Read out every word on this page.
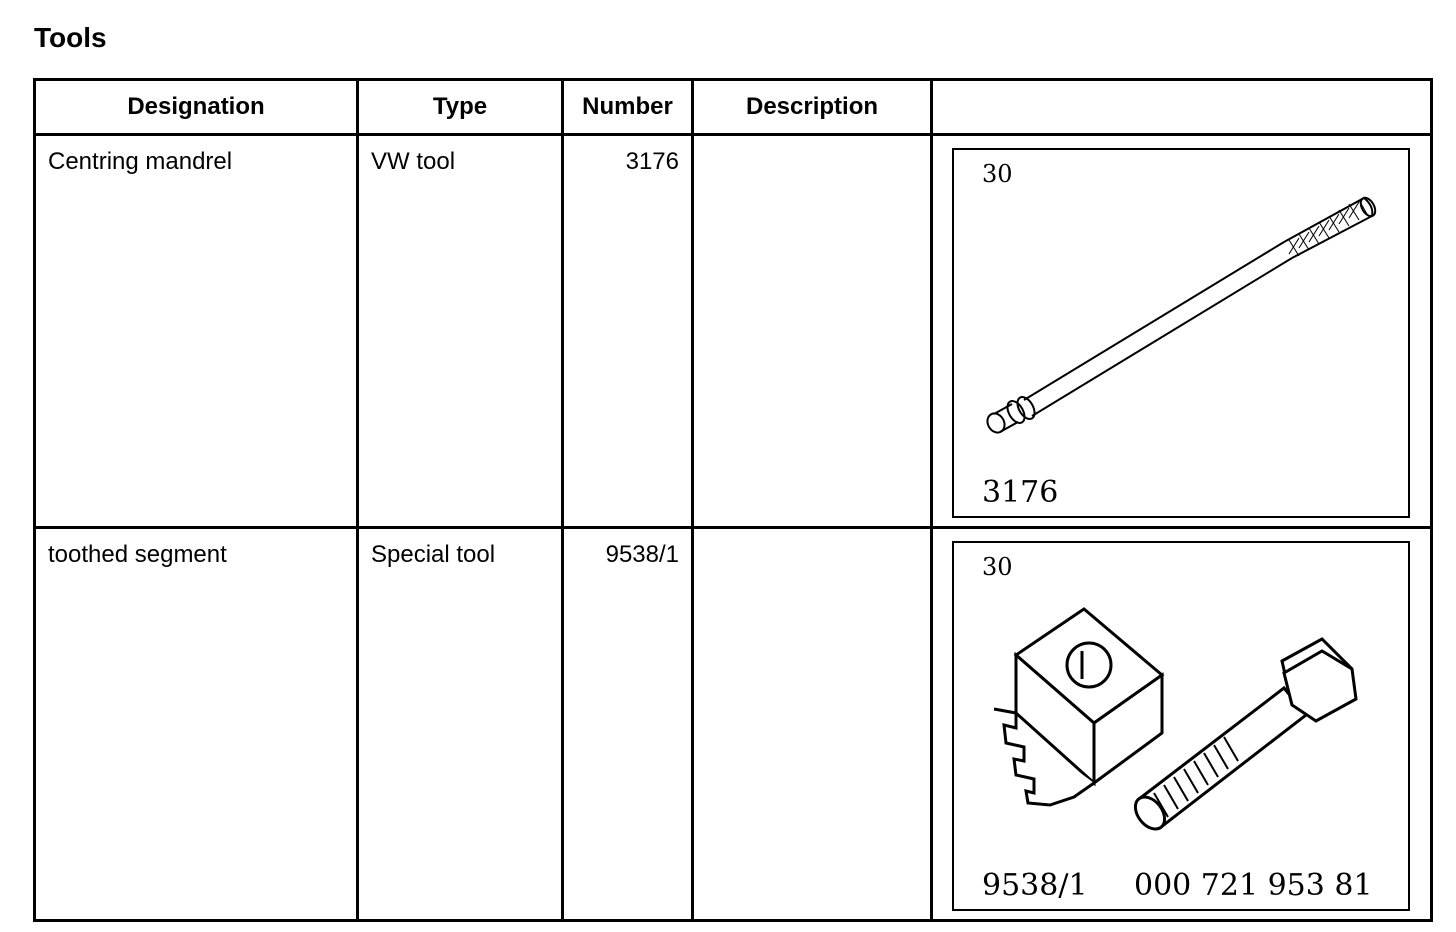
Tools
Designation	Type	Number	Description	

Centring mandrel	VW tool	3176		30
3176

toothed segment	Special tool	9538/1		30
9538/1 000 721 953 81
